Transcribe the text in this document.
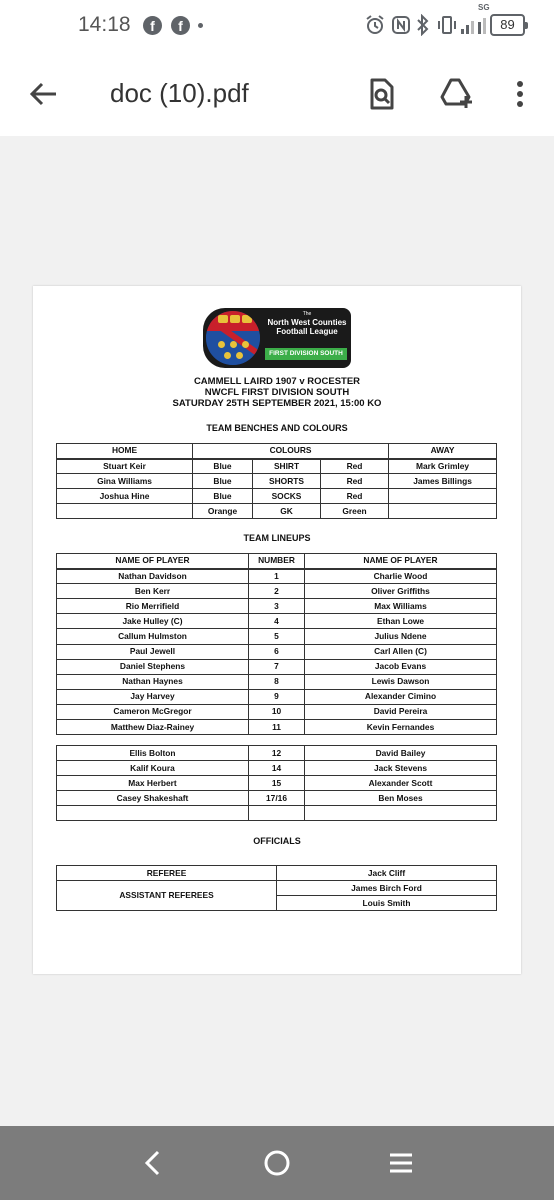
14:18	f	f
SG
89
doc (10).pdf
The
North West Counties
Football League
FIRST DIVISION SOUTH
CAMMELL LAIRD 1907 v ROCESTER
NWCFL FIRST DIVISION SOUTH
SATURDAY 25TH SEPTEMBER 2021, 15:00 KO
TEAM BENCHES AND COLOURS
HOME	COLOURS			AWAY
Stuart Keir	Blue	SHIRT	Red	Mark Grimley
Gina Williams	Blue	SHORTS	Red	James Billings
Joshua Hine	Blue	SOCKS	Red	
	Orange	GK	Green	
TEAM LINEUPS
NAME OF PLAYER	NUMBER	NAME OF PLAYER
Nathan Davidson	1	Charlie Wood
Ben Kerr	2	Oliver Griffiths
Rio Merrifield	3	Max Williams
Jake Hulley (C)	4	Ethan Lowe
Callum Hulmston	5	Julius Ndene
Paul Jewell	6	Carl Allen (C)
Daniel Stephens	7	Jacob Evans
Nathan Haynes	8	Lewis Dawson
Jay Harvey	9	Alexander Cimino
Cameron McGregor	10	David Pereira
Matthew Diaz-Rainey	11	Kevin Fernandes
Ellis Bolton	12	David Bailey
Kalif Koura	14	Jack Stevens
Max Herbert	15	Alexander Scott
Casey Shakeshaft	17/16	Ben Moses

OFFICIALS
REFEREE	Jack Cliff
ASSISTANT REFEREES	James Birch Ford
	Louis Smith
